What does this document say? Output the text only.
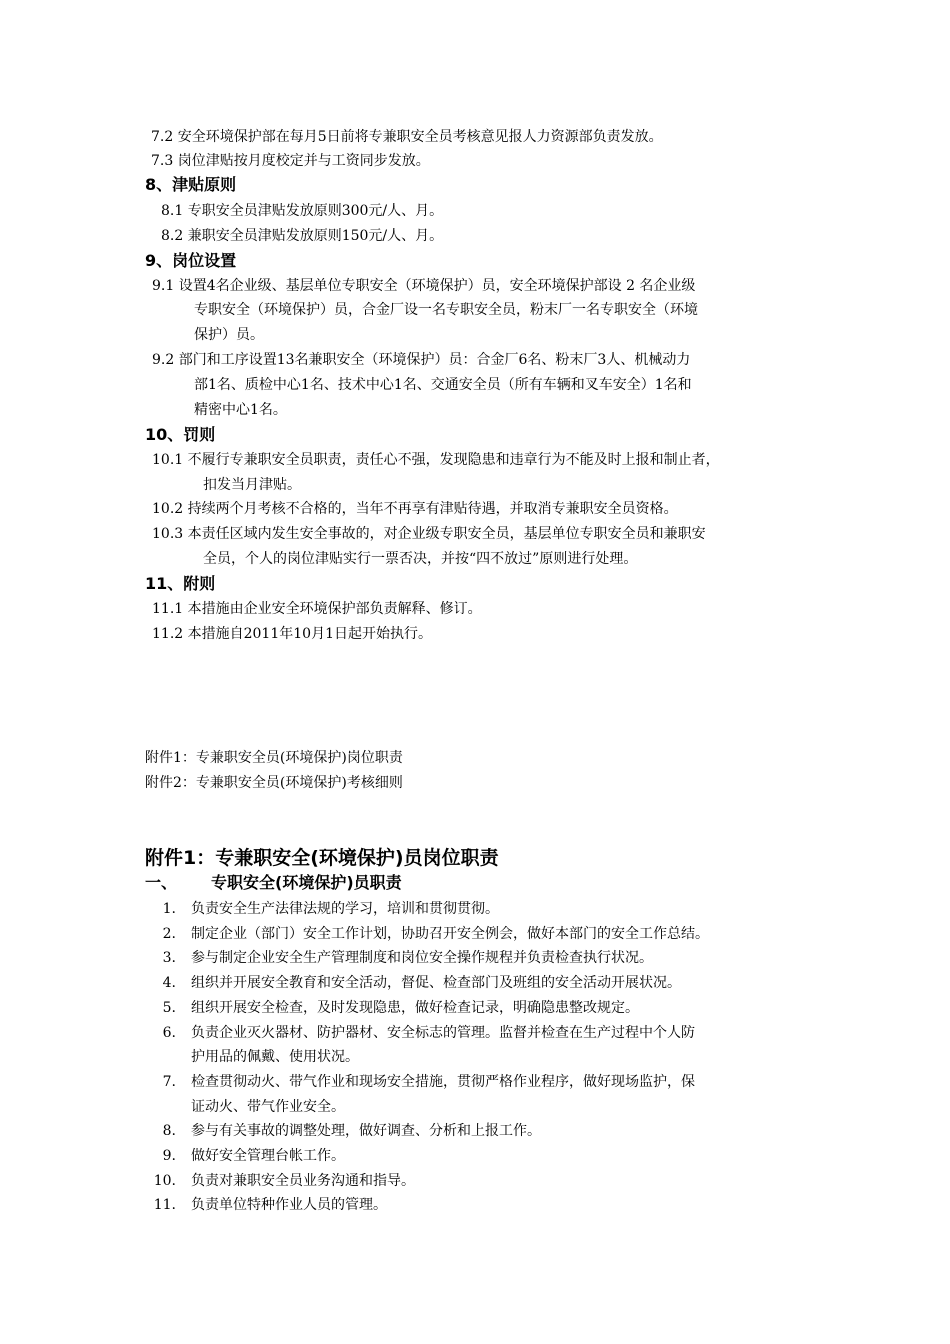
7.2 安全环境保护部在每月5日前将专兼职安全员考核意见报人力资源部负责发放。
7.3 岗位津贴按月度校定并与工资同步发放。
8、津贴原则
8.1 专职安全员津贴发放原则300元/人、月。
8.2 兼职安全员津贴发放原则150元/人、月。
9、岗位设置
9.1 设置4名企业级、基层单位专职安全（环境保护）员，安全环境保护部设 2 名企业级
专职安全（环境保护）员，合金厂设一名专职安全员，粉末厂一名专职安全（环境
保护）员。
9.2 部门和工序设置13名兼职安全（环境保护）员：合金厂6名、粉末厂3人、机械动力
部1名、质检中心1名、技术中心1名、交通安全员（所有车辆和叉车安全）1名和
精密中心1名。
10、罚则
10.1 不履行专兼职安全员职责，责任心不强，发现隐患和违章行为不能及时上报和制止者，
扣发当月津贴。
10.2 持续两个月考核不合格的，当年不再享有津贴待遇，并取消专兼职安全员资格。
10.3 本责任区域内发生安全事故的，对企业级专职安全员，基层单位专职安全员和兼职安
全员，个人的岗位津贴实行一票否决，并按“四不放过”原则进行处理。
11、附则
11.1 本措施由企业安全环境保护部负责解释、修订。
11.2 本措施自2011年10月1日起开始执行。
附件1：专兼职安全员(环境保护)岗位职责
附件2：专兼职安全员(环境保护)考核细则
附件1：专兼职安全(环境保护)员岗位职责
一、 专职安全(环境保护)员职责
1. 负责安全生产法律法规的学习，培训和贯彻贯彻。
2. 制定企业（部门）安全工作计划，协助召开安全例会，做好本部门的安全工作总结。
3. 参与制定企业安全生产管理制度和岗位安全操作规程并负责检查执行状况。
4. 组织并开展安全教育和安全活动，督促、检查部门及班组的安全活动开展状况。
5. 组织开展安全检查，及时发现隐患，做好检查记录，明确隐患整改规定。
6. 负责企业灭火器材、防护器材、安全标志的管理。监督并检查在生产过程中个人防
护用品的佩戴、使用状况。
7. 检查贯彻动火、带气作业和现场安全措施，贯彻严格作业程序，做好现场监护，保
证动火、带气作业安全。
8. 参与有关事故的调整处理，做好调查、分析和上报工作。
9. 做好安全管理台帐工作。
10. 负责对兼职安全员业务沟通和指导。
11. 负责单位特种作业人员的管理。
